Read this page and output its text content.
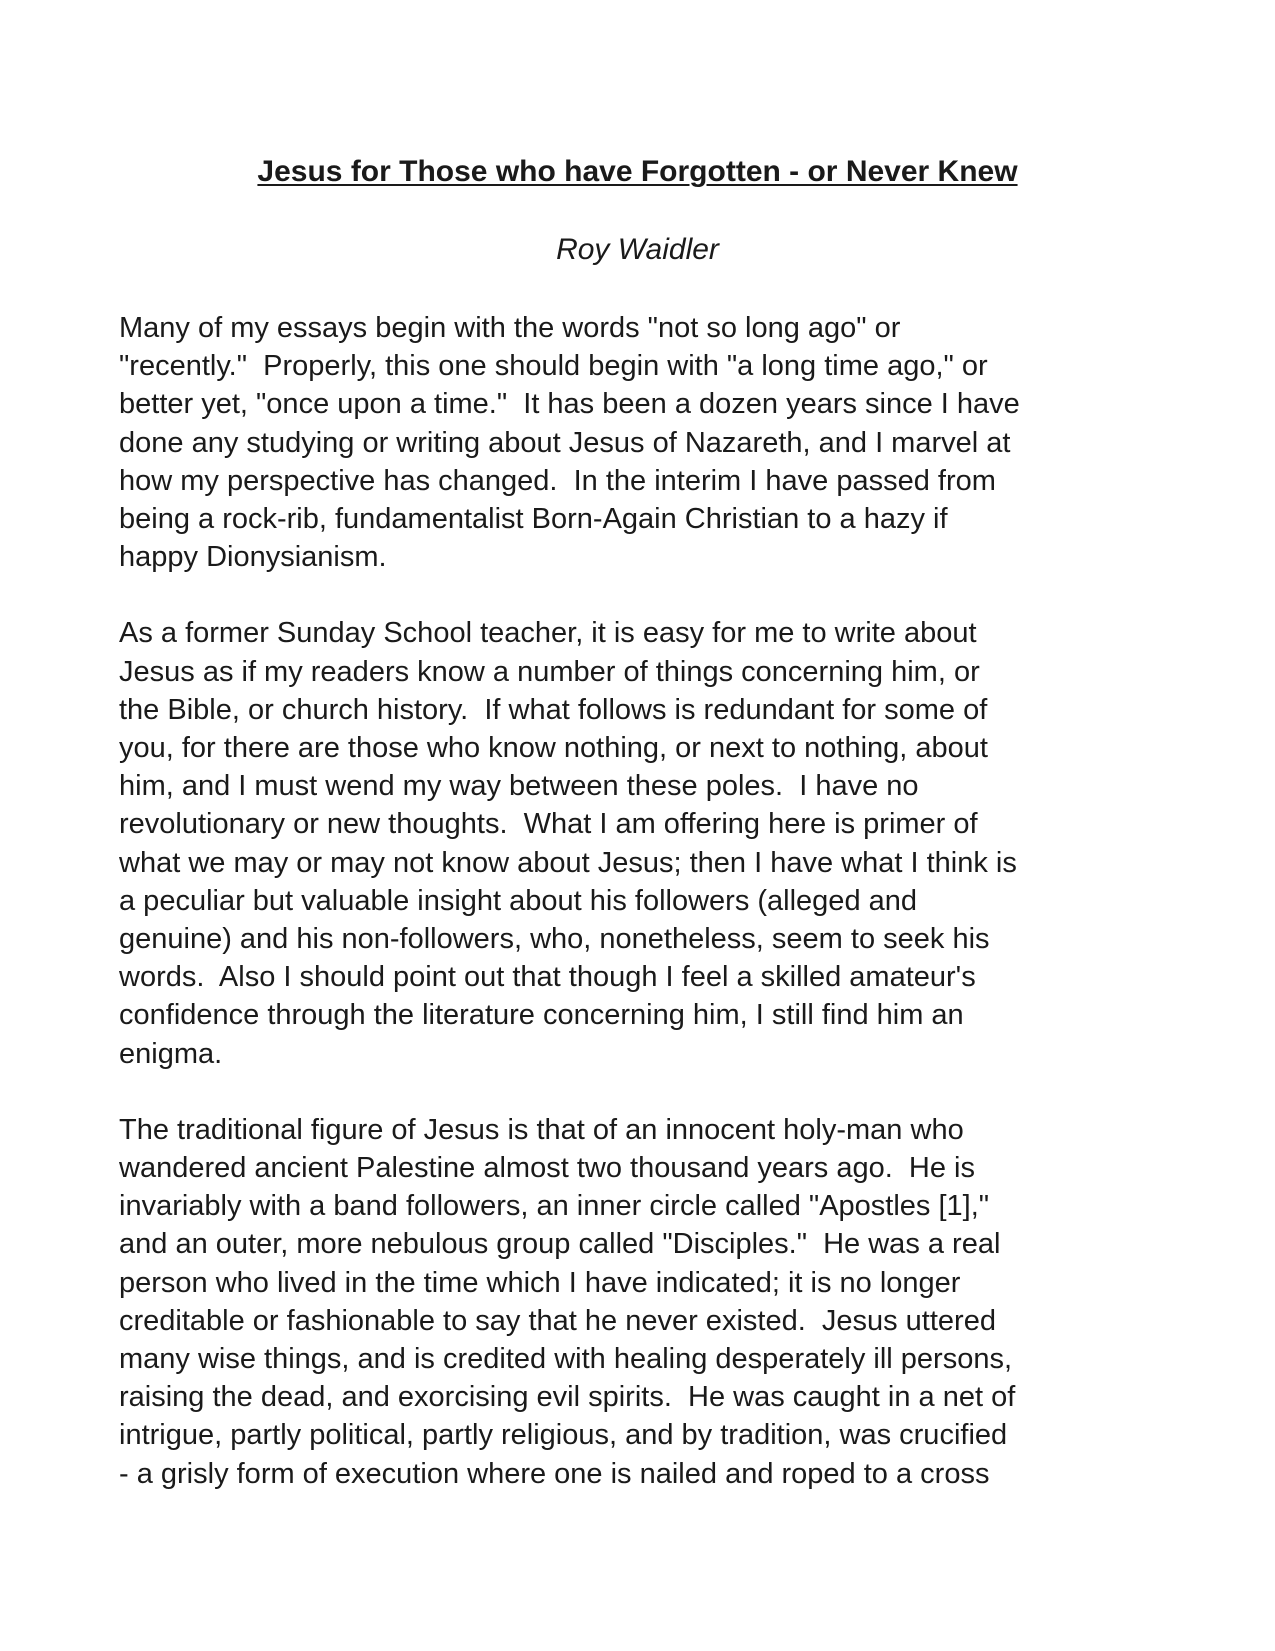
Jesus for Those who have Forgotten - or Never Knew
Roy Waidler
Many of my essays begin with the words "not so long ago" or
"recently."  Properly, this one should begin with "a long time ago," or
better yet, "once upon a time."  It has been a dozen years since I have
done any studying or writing about Jesus of Nazareth, and I marvel at
how my perspective has changed.  In the interim I have passed from
being a rock-rib, fundamentalist Born-Again Christian to a hazy if
happy Dionysianism.
As a former Sunday School teacher, it is easy for me to write about
Jesus as if my readers know a number of things concerning him, or
the Bible, or church history.  If what follows is redundant for some of
you, for there are those who know nothing, or next to nothing, about
him, and I must wend my way between these poles.  I have no
revolutionary or new thoughts.  What I am offering here is primer of
what we may or may not know about Jesus; then I have what I think is
a peculiar but valuable insight about his followers (alleged and
genuine) and his non-followers, who, nonetheless, seem to seek his
words.  Also I should point out that though I feel a skilled amateur's
confidence through the literature concerning him, I still find him an
enigma.
The traditional figure of Jesus is that of an innocent holy-man who
wandered ancient Palestine almost two thousand years ago.  He is
invariably with a band followers, an inner circle called "Apostles [1],"
and an outer, more nebulous group called "Disciples."  He was a real
person who lived in the time which I have indicated; it is no longer
creditable or fashionable to say that he never existed.  Jesus uttered
many wise things, and is credited with healing desperately ill persons,
raising the dead, and exorcising evil spirits.  He was caught in a net of
intrigue, partly political, partly religious, and by tradition, was crucified
- a grisly form of execution where one is nailed and roped to a cross
